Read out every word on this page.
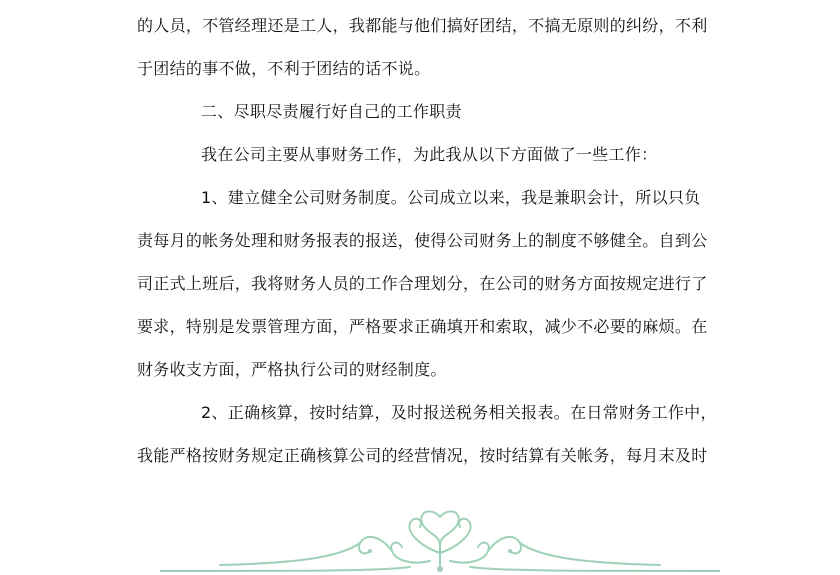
的人员，不管经理还是工人，我都能与他们搞好团结，不搞无原则的纠纷，不利
于团结的事不做，不利于团结的话不说。
二、尽职尽责履行好自己的工作职责
我在公司主要从事财务工作，为此我从以下方面做了一些工作：
1、建立健全公司财务制度。公司成立以来，我是兼职会计，所以只负
责每月的帐务处理和财务报表的报送，使得公司财务上的制度不够健全。自到公
司正式上班后，我将财务人员的工作合理划分，在公司的财务方面按规定进行了
要求，特别是发票管理方面，严格要求正确填开和索取，减少不必要的麻烦。在
财务收支方面，严格执行公司的财经制度。
2、正确核算，按时结算，及时报送税务相关报表。在日常财务工作中，
我能严格按财务规定正确核算公司的经营情况，按时结算有关帐务，每月末及时
